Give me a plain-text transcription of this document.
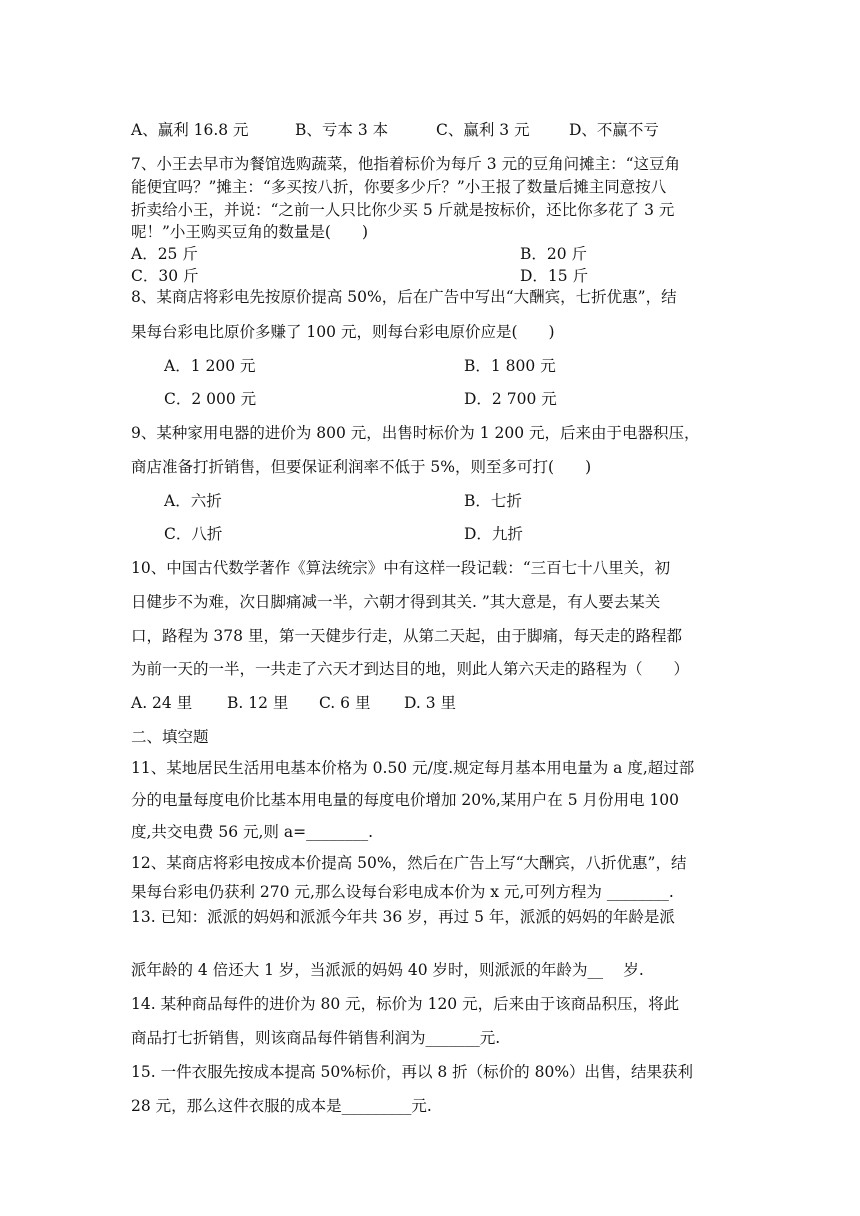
A、赢利 16.8 元	B、亏本 3 本	C、赢利 3 元	D、不赢不亏
7、小王去早市为餐馆选购蔬菜，他指着标价为每斤 3 元的豆角问摊主：“这豆角
能便宜吗？”摊主：“多买按八折，你要多少斤？”小王报了数量后摊主同意按八
折卖给小王，并说：“之前一人只比你少买 5 斤就是按标价，还比你多花了 3 元
呢！”小王购买豆角的数量是(　　)
A．25 斤	B．20 斤
C．30 斤	D．15 斤
8、某商店将彩电先按原价提高 50%，后在广告中写出“大酬宾，七折优惠”，结
果每台彩电比原价多赚了 100 元，则每台彩电原价应是(　　)
A．1 200 元	B．1 800 元
C．2 000 元	D．2 700 元
9、某种家用电器的进价为 800 元，出售时标价为 1 200 元，后来由于电器积压，
商店准备打折销售，但要保证利润率不低于 5%，则至多可打(　　)
A．六折	B．七折
C．八折	D．九折
10、中国古代数学著作《算法统宗》中有这样一段记载：“三百七十八里关，初
日健步不为难，次日脚痛减一半，六朝才得到其关. ”其大意是，有人要去某关
口，路程为 378 里，第一天健步行走，从第二天起，由于脚痛，每天走的路程都
为前一天的一半，一共走了六天才到达目的地，则此人第六天走的路程为（　　）
A. 24 里 B. 12 里 C. 6 里 D. 3 里
二、填空题
11、某地居民生活用电基本价格为 0.50 元/度.规定每月基本用电量为 a 度,超过部
分的电量每度电价比基本用电量的每度电价增加 20%,某用户在 5 月份用电 100
度,共交电费 56 元,则 a=________.
12、某商店将彩电按成本价提高 50%，然后在广告上写“大酬宾，八折优惠”，结
果每台彩电仍获利 270 元,那么设每台彩电成本价为 x 元,可列方程为 ________.
13. 已知：派派的妈妈和派派今年共 36 岁，再过 5 年，派派的妈妈的年龄是派
派年龄的 4 倍还大 1 岁，当派派的妈妈 40 岁时，则派派的年龄为__　 岁.
14. 某种商品每件的进价为 80 元，标价为 120 元，后来由于该商品积压，将此
商品打七折销售，则该商品每件销售利润为_______元.
15. 一件衣服先按成本提高 50%标价，再以 8 折（标价的 80%）出售，结果获利
28 元，那么这件衣服的成本是_________元.
